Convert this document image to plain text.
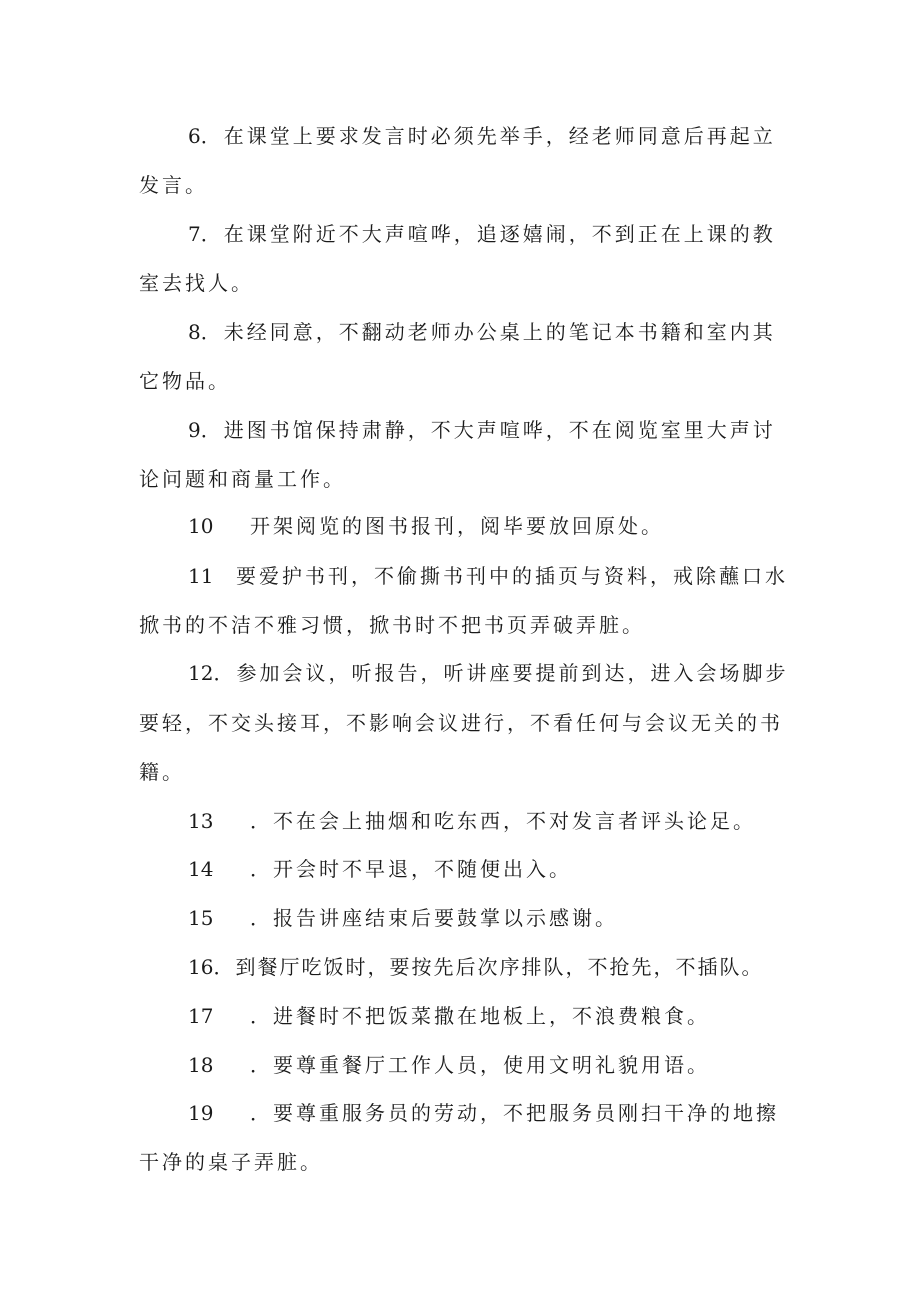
6．在课堂上要求发言时必须先举手，经老师同意后再起立
发言。
7．在课堂附近不大声喧哗，追逐嬉闹，不到正在上课的教
室去找人。
8．未经同意，不翻动老师办公桌上的笔记本书籍和室内其
它物品。
9．进图书馆保持肃静，不大声喧哗，不在阅览室里大声讨
论问题和商量工作。
10 开架阅览的图书报刊，阅毕要放回原处。
11 要爱护书刊，不偷撕书刊中的插页与资料，戒除蘸口水
掀书的不洁不雅习惯，掀书时不把书页弄破弄脏。
12．参加会议，听报告，听讲座要提前到达，进入会场脚步
要轻，不交头接耳，不影响会议进行，不看任何与会议无关的书
籍。
13 ．不在会上抽烟和吃东西，不对发言者评头论足。
14 ．开会时不早退，不随便出入。
15 ．报告讲座结束后要鼓掌以示感谢。
16．到餐厅吃饭时，要按先后次序排队，不抢先，不插队。
17 ．进餐时不把饭菜撒在地板上，不浪费粮食。
18 ．要尊重餐厅工作人员，使用文明礼貌用语。
19 ．要尊重服务员的劳动，不把服务员刚扫干净的地擦
干净的桌子弄脏。
